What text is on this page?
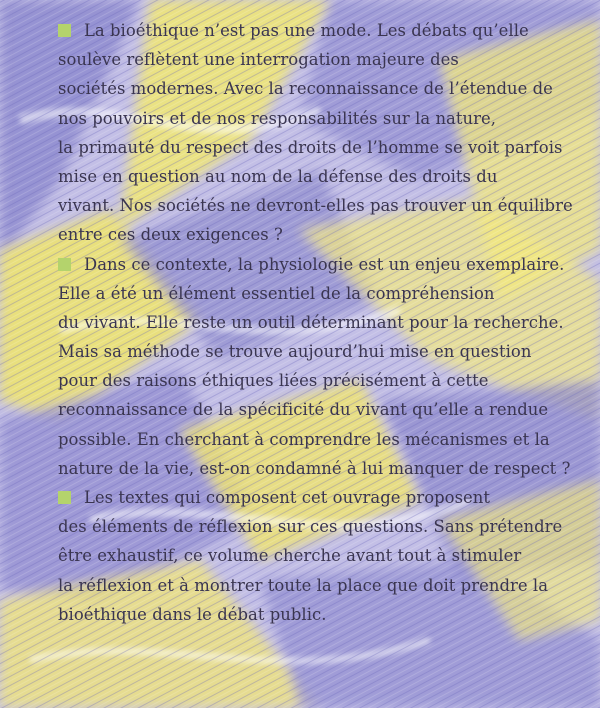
La bioéthique n’est pas une mode. Les débats qu’elle
soulève reflètent une interrogation majeure des
sociétés modernes. Avec la reconnaissance de l’étendue de
nos pouvoirs et de nos responsabilités sur la nature,
la primauté du respect des droits de l’homme se voit parfois
mise en question au nom de la défense des droits du
vivant. Nos sociétés ne devront-elles pas trouver un équilibre
entre ces deux exigences ?
Dans ce contexte, la physiologie est un enjeu exemplaire.
Elle a été un élément essentiel de la compréhension
du vivant. Elle reste un outil déterminant pour la recherche.
Mais sa méthode se trouve aujourd’hui mise en question
pour des raisons éthiques liées précisément à cette
reconnaissance de la spécificité du vivant qu’elle a rendue
possible. En cherchant à comprendre les mécanismes et la
nature de la vie, est-on condamné à lui manquer de respect ?
Les textes qui composent cet ouvrage proposent
des éléments de réflexion sur ces questions. Sans prétendre
être exhaustif, ce volume cherche avant tout à stimuler
la réflexion et à montrer toute la place que doit prendre la
bioéthique dans le débat public.
